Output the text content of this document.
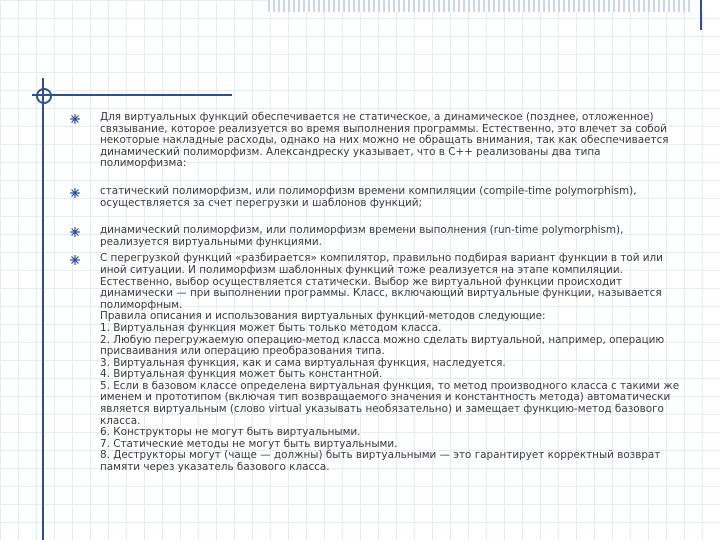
Для виртуальных функций обеспечивается не статическое, а динамическое (позднее, отложенное)
связывание, которое реализуется во время выполнения программы. Естественно, это влечет за собой
некоторые накладные расходы, однако на них можно не обращать внимания, так как обеспечивается
динамический полиморфизм. Александреску указывает, что в С++ реализованы два типа
полиморфизма:

статический полиморфизм, или полиморфизм времени компиляции (compile-time polymorphism),
осуществляется за счет перегрузки и шаблонов функций;

динамический полиморфизм, или полиморфизм времени выполнения (run-time polymorphism),
реализуется виртуальными функциями.

С перегрузкой функций «разбирается» компилятор, правильно подбирая вариант функции в той или
иной ситуации. И полиморфизм шаблонных функций тоже реализуется на этапе компиляции.
Естественно, выбор осуществляется статически. Выбор же виртуальной функции происходит
динамически — при выполнении программы. Класс, включающий виртуальные функции, называется
полиморфным.
Правила описания и использования виртуальных функций-методов следующие:
1. Виртуальная функция может быть только методом класса.
2. Любую перегружаемую операцию-метод класса можно сделать виртуальной, например, операцию
присваивания или операцию преобразования типа.
3. Виртуальная функция, как и сама виртуальная функция, наследуется.
4. Виртуальная функция может быть константной.
5. Если в базовом классе определена виртуальная функция, то метод производного класса с такими же
именем и прототипом (включая тип возвращаемого значения и константность метода) автоматически
является виртуальным (слово virtual указывать необязательно) и замещает функцию-метод базового
класса.
6. Конструкторы не могут быть виртуальными.
7. Статические методы не могут быть виртуальными.
8. Деструкторы могут (чаще — должны) быть виртуальными — это гарантирует корректный возврат
памяти через указатель базового класса.
